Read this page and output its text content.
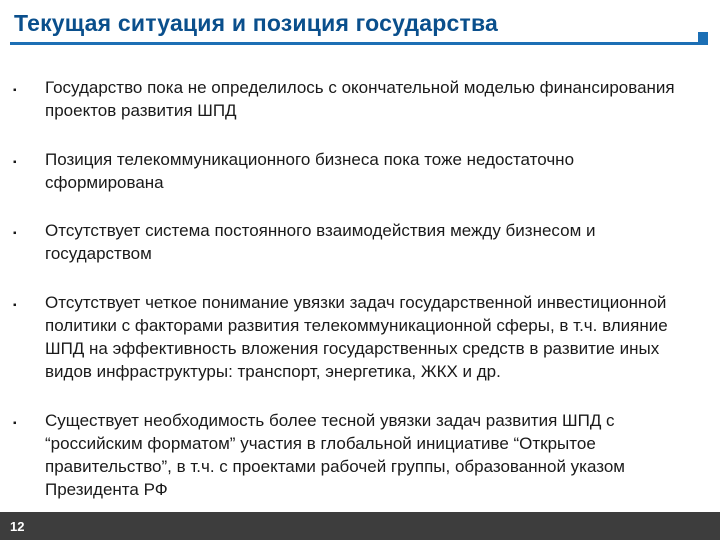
Текущая ситуация и позиция государства
▪ Государство пока не определилось с окончательной моделью финансирования проектов развития ШПД
▪ Позиция телекоммуникационного бизнеса пока тоже недостаточно сформирована
▪ Отсутствует система постоянного взаимодействия между бизнесом и государством
▪ Отсутствует четкое понимание увязки задач государственной инвестиционной политики с факторами развития телекоммуникационной сферы, в т.ч. влияние ШПД на эффективность вложения государственных средств в развитие иных видов инфраструктуры: транспорт, энергетика, ЖКХ и др.
▪ Существует необходимость более тесной увязки задач развития ШПД с “российским форматом” участия в глобальной инициативе “Открытое правительство”, в т.ч. с проектами рабочей группы, образованной указом Президента РФ
12
